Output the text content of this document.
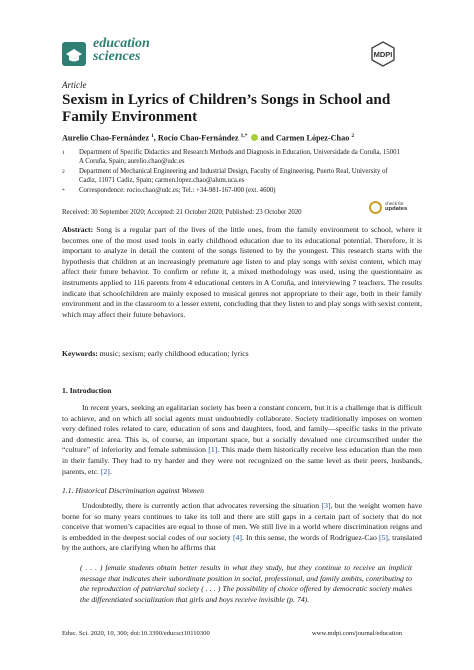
education
sciences	MDPI
Article
Sexism in Lyrics of Children’s Songs in School and Family Environment
Aurelio Chao-Fernández $^1$, Rocío Chao-Fernández $^{1,*}$ and Carmen López-Chao $^2$
1 Department of Specific Didactics and Research Methods and Diagnosis in Education, Universidade da Coruña, 15001 A Coruña, Spain; aurelio.chao@udc.es
2 Department of Mechanical Engineering and Industrial Design, Faculty of Engineering, Puerto Real, University of Cadiz, 11071 Cadiz, Spain; carmen.lopez.chao@alum.uca.es
* Correspondence: rocio.chao@udc.es; Tel.: +34-981-167-000 (ext. 4600)
Received: 30 September 2020; Accepted: 21 October 2020; Published: 23 October 2020
check for
updates
Abstract: Song is a regular part of the lives of the little ones, from the family environment to school, where it becomes one of the most used tools in early childhood education due to its educational potential. Therefore, it is important to analyze in detail the content of the songs listened to by the youngest. This research starts with the hypothesis that children at an increasingly premature age listen to and play songs with sexist content, which may affect their future behavior. To confirm or refute it, a mixed methodology was used, using the questionnaire as instruments applied to 116 parents from 4 educational centers in A Coruña, and interviewing 7 teachers. The results indicate that schoolchildren are mainly exposed to musical genres not appropriate to their age, both in their family environment and in the classroom to a lesser extent, concluding that they listen to and play songs with sexist content, which may affect their future behaviors.
Keywords: music; sexism; early childhood education; lyrics
1. Introduction
In recent years, seeking an egalitarian society has been a constant concern, but it is a challenge that is difficult to achieve, and on which all social agents must undoubtedly collaborate. Society traditionally imposes on women very defined roles related to care, education of sons and daughters, food, and family—specific tasks in the private and domestic area. This is, of course, an important space, but a socially devalued one circumscribed under the “culture” of inferiority and female submission [1]. This made them historically receive less education than the men in their family. They had to try harder and they were not recognized on the same level as their peers, husbands, parents, etc. [2].
1.1. Historical Discrimination against Women
Undoubtedly, there is currently action that advocates reversing the situation [3], but the weight women have borne for so many years continues to take its toll and there are still gaps in a certain part of society that do not conceive that women’s capacities are equal to those of men. We still live in a world where discrimination reigns and is embedded in the deepest social codes of our society [4]. In this sense, the words of Rodríguez-Cao [5], translated by the authors, are clarifying when he affirms that
( . . . ) female students obtain better results in what they study, but they continue to receive an implicit message that indicates their subordinate position in social, professional, and family ambits, contributing to the reproduction of patriarchal society ( . . . ) The possibility of choice offered by democratic society makes the differentiated socialization that girls and boys receive invisible (p. 74).
Educ. Sci. 2020, 10, 300; doi:10.3390/educsci10110300	www.mdpi.com/journal/education
